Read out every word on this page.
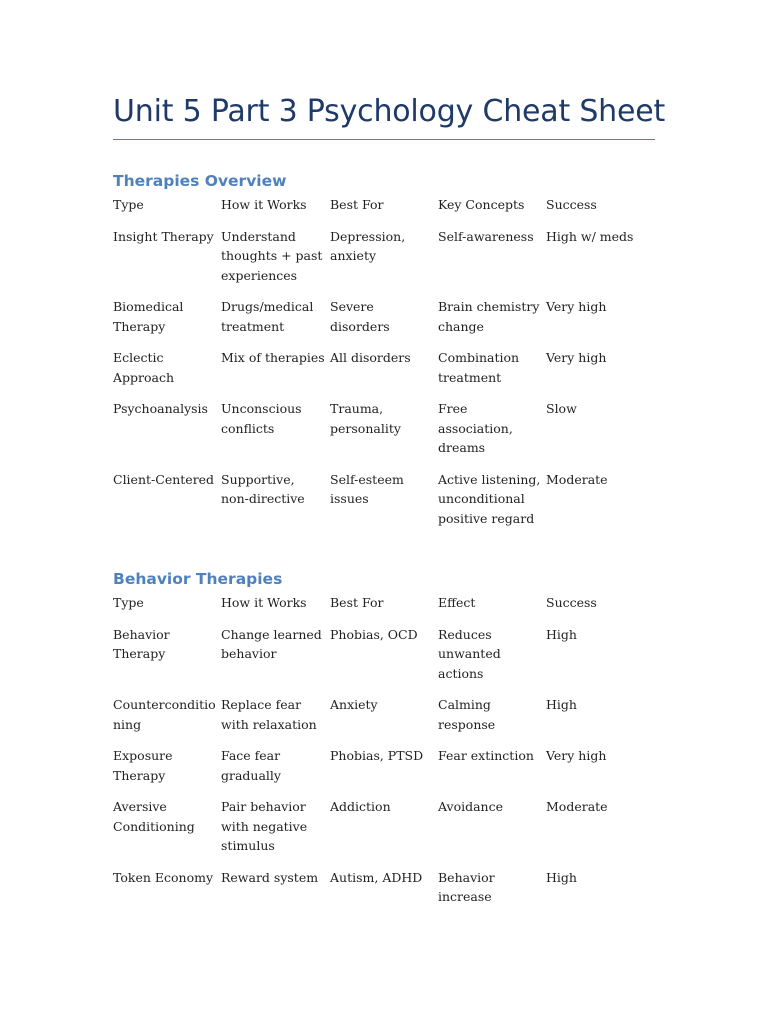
Unit 5 Part 3 Psychology Cheat Sheet
Therapies Overview
Type	How it Works	Best For	Key Concepts	Success
Insight Therapy	Understand thoughts + past experiences	Depression, anxiety	Self-awareness	High w/ meds
Biomedical Therapy	Drugs/medical treatment	Severe disorders	Brain chemistry change	Very high
Eclectic Approach	Mix of therapies	All disorders	Combination treatment	Very high
Psychoanalysis	Unconscious conflicts	Trauma, personality	Free association, dreams	Slow
Client-Centered	Supportive, non-directive	Self-esteem issues	Active listening, unconditional positive regard	Moderate
Behavior Therapies
Type	How it Works	Best For	Effect	Success
Behavior Therapy	Change learned behavior	Phobias, OCD	Reduces unwanted actions	High
Counterconditioning	Replace fear with relaxation	Anxiety	Calming response	High
Exposure Therapy	Face fear gradually	Phobias, PTSD	Fear extinction	Very high
Aversive Conditioning	Pair behavior with negative stimulus	Addiction	Avoidance	Moderate
Token Economy	Reward system	Autism, ADHD	Behavior increase	High
